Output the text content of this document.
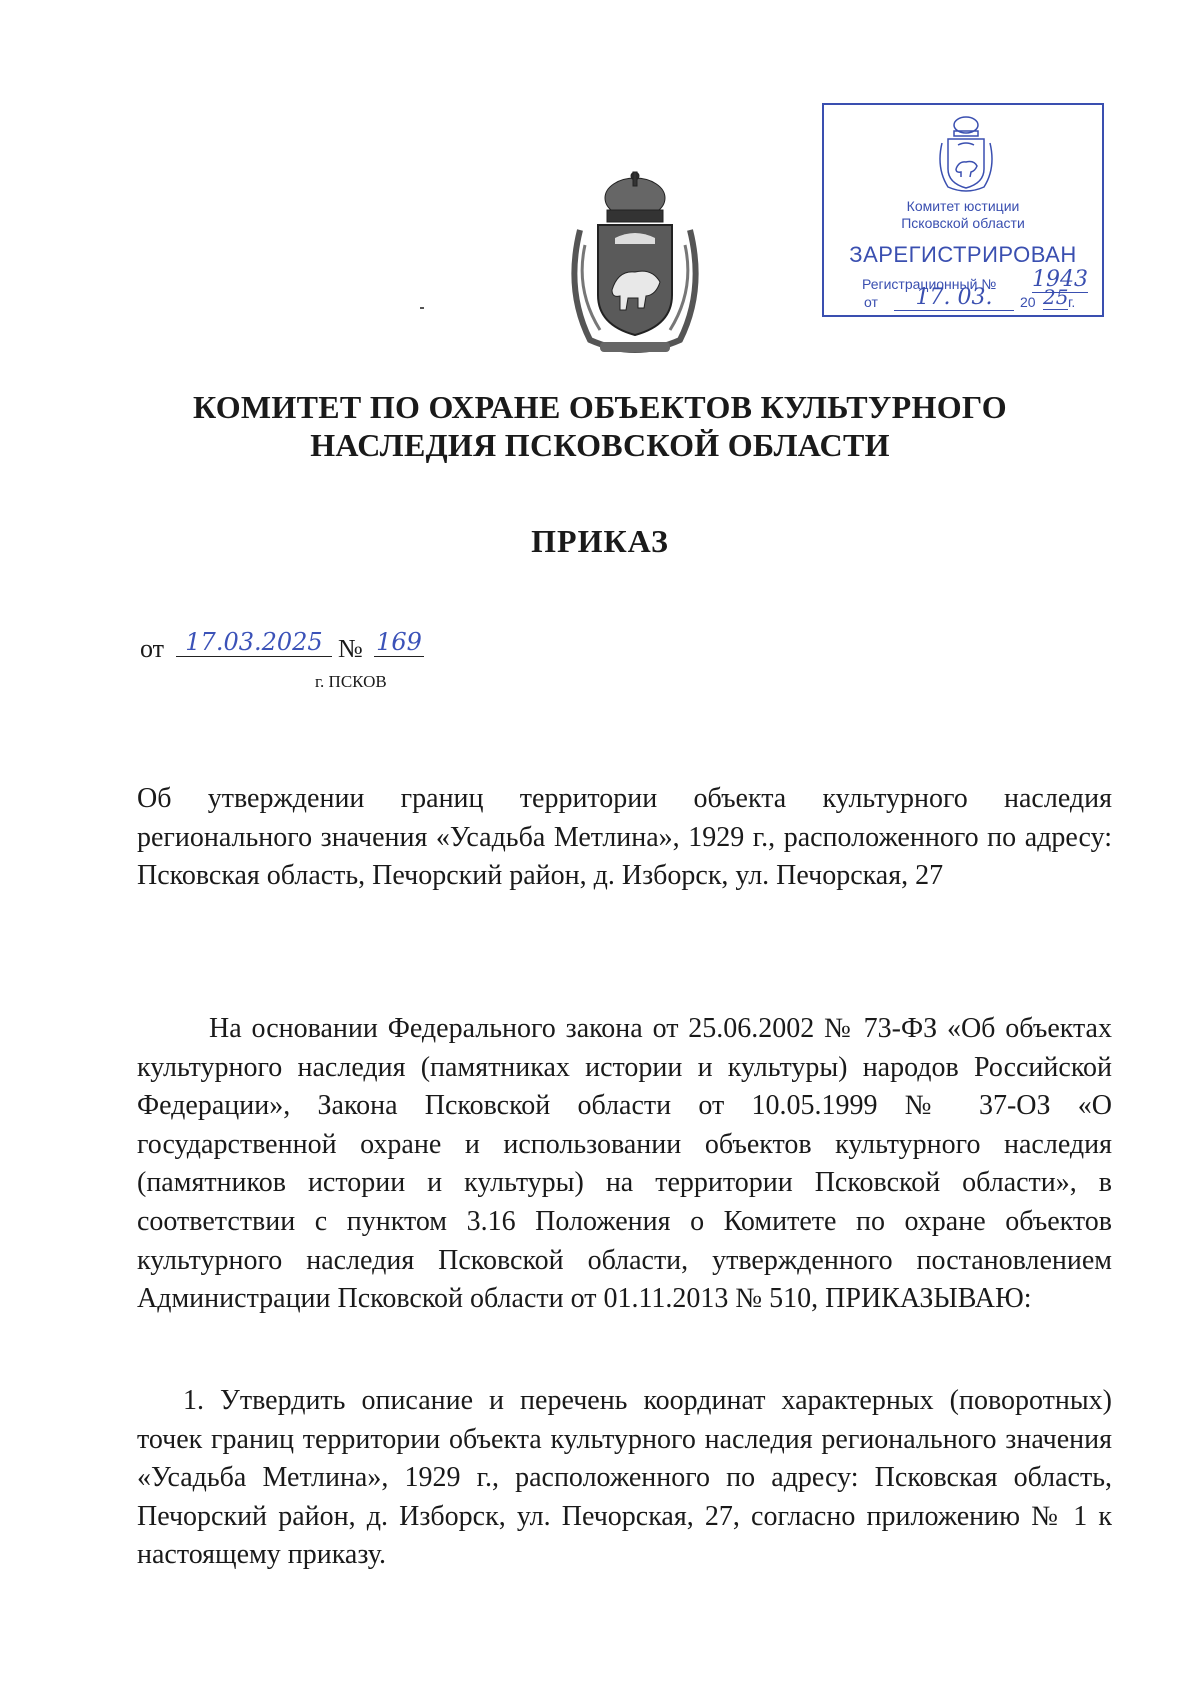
Комитет юстиции
Псковской области
ЗАРЕГИСТРИРОВАН
Регистрационный № 1943
от	17. 03.	20 25 г.
КОМИТЕТ ПО ОХРАНЕ ОБЪЕКТОВ КУЛЬТУРНОГО
НАСЛЕДИЯ ПСКОВСКОЙ ОБЛАСТИ
ПРИКАЗ
от 17.03.2025 № 169
г. ПСКОВ

Об утверждении границ территории объекта культурного наследия регионального значения «Усадьба Метлина», 1929 г., расположенного по адресу: Псковская область, Печорский район, д. Изборск, ул. Печорская, 27

На основании Федерального закона от 25.06.2002 № 73-ФЗ «Об объектах культурного наследия (памятниках истории и культуры) народов Российской Федерации», Закона Псковской области от 10.05.1999 № 37-ОЗ «О государственной охране и использовании объектов культурного наследия (памятников истории и культуры) на территории Псковской области», в соответствии с пунктом 3.16 Положения о Комитете по охране объектов культурного наследия Псковской области, утвержденного постановлением Администрации Псковской области от 01.11.2013 № 510, ПРИКАЗЫВАЮ:

1. Утвердить описание и перечень координат характерных (поворотных) точек границ территории объекта культурного наследия регионального значения «Усадьба Метлина», 1929 г., расположенного по адресу: Псковская область, Печорский район, д. Изборск, ул. Печорская, 27, согласно приложению № 1 к настоящему приказу.
